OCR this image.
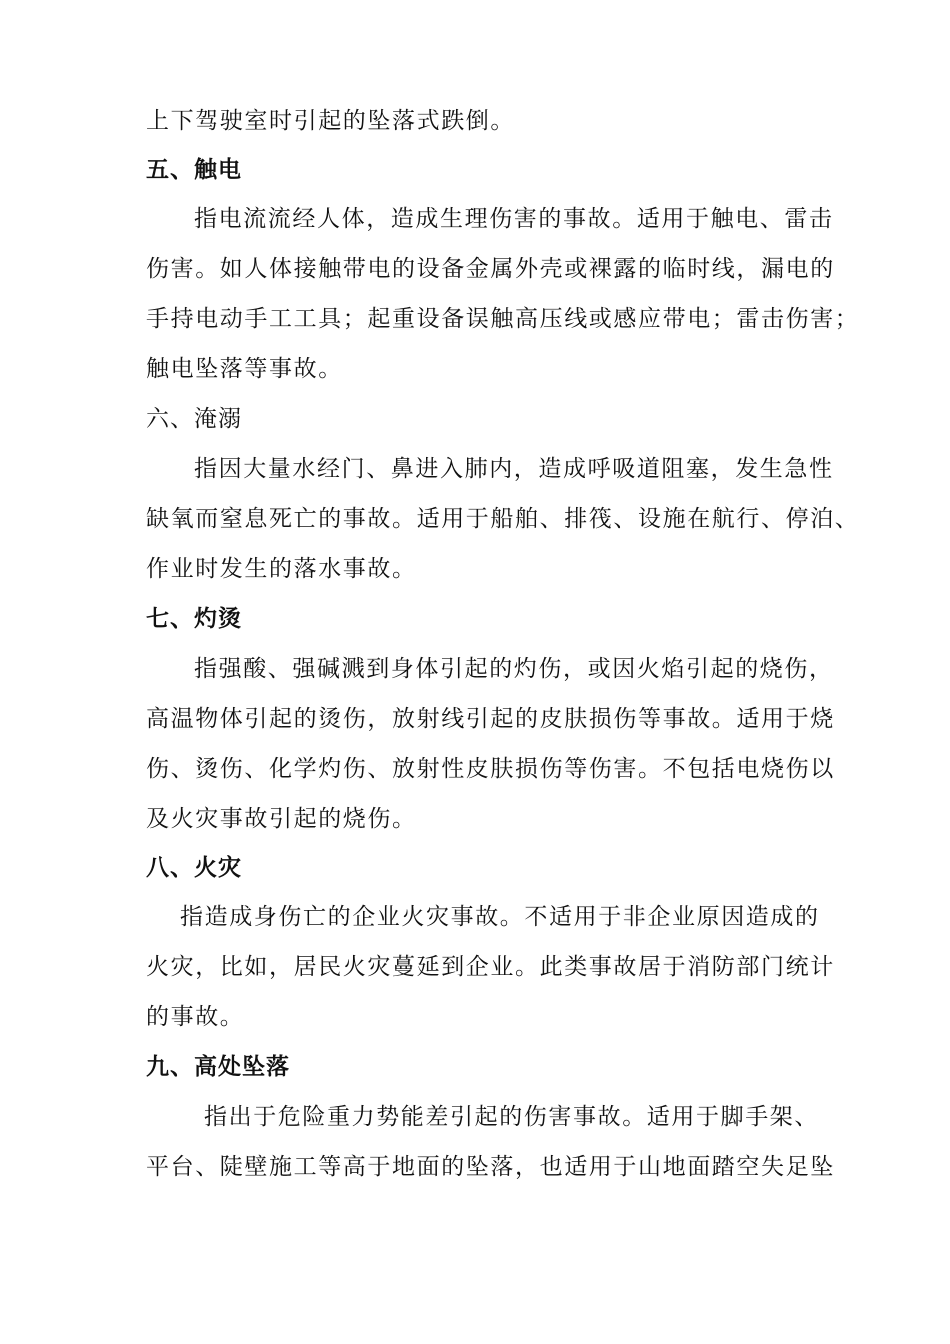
上下驾驶室时引起的坠落式跌倒。
五、触电
指电流流经人体，造成生理伤害的事故。适用于触电、雷击
伤害。如人体接触带电的设备金属外壳或裸露的临时线，漏电的
手持电动手工工具；起重设备误触高压线或感应带电；雷击伤害；
触电坠落等事故。
六、淹溺
指因大量水经门、鼻进入肺内，造成呼吸道阻塞，发生急性
缺氧而窒息死亡的事故。适用于船舶、排筏、设施在航行、停泊、
作业时发生的落水事故。
七、灼烫
指强酸、强碱溅到身体引起的灼伤，或因火焰引起的烧伤，
高温物体引起的烫伤，放射线引起的皮肤损伤等事故。适用于烧
伤、烫伤、化学灼伤、放射性皮肤损伤等伤害。不包括电烧伤以
及火灾事故引起的烧伤。
八、火灾
指造成身伤亡的企业火灾事故。不适用于非企业原因造成的
火灾，比如，居民火灾蔓延到企业。此类事故居于消防部门统计
的事故。
九、高处坠落
指出于危险重力势能差引起的伤害事故。适用于脚手架、
平台、陡壁施工等高于地面的坠落，也适用于山地面踏空失足坠
